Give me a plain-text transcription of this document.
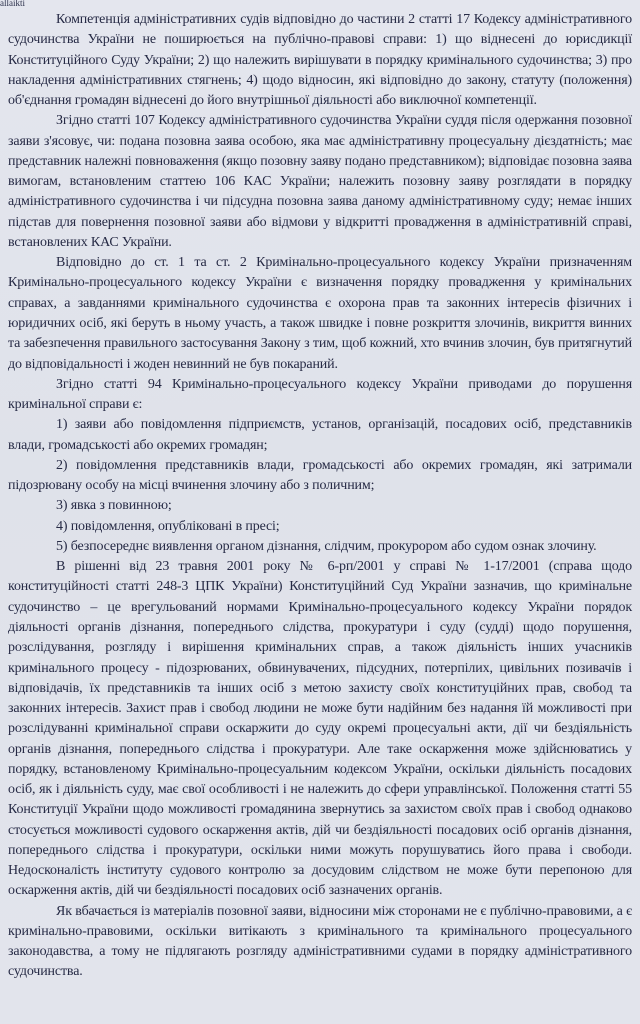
allaikti

Компетенція адміністративних судів відповідно до частини 2 статті 17 Кодексу адміністративного судочинства України не поширюється на публічно-правові справи: 1) що віднесені до юрисдикції Конституційного Суду України; 2) що належить вирішувати в порядку кримінального судочинства; 3) про накладення адміністративних стягнень; 4) щодо відносин, які відповідно до закону, статуту (положення) об'єднання громадян віднесені до його внутрішньої діяльності або виключної компетенції.

Згідно статті 107 Кодексу адміністративного судочинства України суддя після одержання позовної заяви з'ясовує, чи: подана позовна заява особою, яка має адміністративну процесуальну дієздатність; має представник належні повноваження (якщо позовну заяву подано представником); відповідає позовна заява вимогам, встановленим статтею 106 КАС України; належить позовну заяву розглядати в порядку адміністративного судочинства і чи підсудна позовна заява даному адміністративному суду; немає інших підстав для повернення позовної заяви або відмови у відкритті провадження в адміністративній справі, встановлених КАС України.

Відповідно до ст. 1 та ст. 2 Кримінально-процесуального кодексу України призначенням Кримінально-процесуального кодексу України є визначення порядку провадження у кримінальних справах, а завданнями кримінального судочинства є охорона прав та законних інтересів фізичних і юридичних осіб, які беруть в ньому участь, а також швидке і повне розкриття злочинів, викриття винних та забезпечення правильного застосування Закону з тим, щоб кожний, хто вчинив злочин, був притягнутий до відповідальності і жоден невинний не був покараний.

Згідно статті 94 Кримінально-процесуального кодексу України приводами до порушення кримінальної справи є:

1) заяви або повідомлення підприємств, установ, організацій, посадових осіб, представників влади, громадськості або окремих громадян;

2) повідомлення представників влади, громадськості або окремих громадян, які затримали підозрювану особу на місці вчинення злочину або з поличним;

3) явка з повинною;

4) повідомлення, опубліковані в пресі;

5) безпосереднє виявлення органом дізнання, слідчим, прокурором або судом ознак злочину.

В рішенні від 23 травня 2001 року № 6-рп/2001 у справі № 1-17/2001 (справа щодо конституційності статті 248-3 ЦПК України) Конституційний Суд України зазначив, що кримінальне судочинство – це врегульований нормами Кримінально-процесуального кодексу України порядок діяльності органів дізнання, попереднього слідства, прокуратури і суду (судді) щодо порушення, розслідування, розгляду і вирішення кримінальних справ, а також діяльність інших учасників кримінального процесу - підозрюваних, обвинувачених, підсудних, потерпілих, цивільних позивачів і відповідачів, їх представників та інших осіб з метою захисту своїх конституційних прав, свобод та законних інтересів. Захист прав і свобод людини не може бути надійним без надання їй можливості при розслідуванні кримінальної справи оскаржити до суду окремі процесуальні акти, дії чи бездіяльність органів дізнання, попереднього слідства і прокуратури. Але таке оскарження може здійснюватись у порядку, встановленому Кримінально-процесуальним кодексом України, оскільки діяльність посадових осіб, як і діяльність суду, має свої особливості і не належить до сфери управлінської. Положення статті 55 Конституції України щодо можливості громадянина звернутись за захистом своїх прав і свобод однаково стосується можливості судового оскарження актів, дій чи бездіяльності посадових осіб органів дізнання, попереднього слідства і прокуратури, оскільки ними можуть порушуватись його права і свободи. Недосконалість інституту судового контролю за досудовим слідством не може бути перепоною для оскарження актів, дій чи бездіяльності посадових осіб зазначених органів.

Як вбачається із матеріалів позовної заяви, відносини між сторонами не є публічно-правовими, а є кримінально-правовими, оскільки витікають з кримінального та кримінального процесуального законодавства, а тому не підлягають розгляду адміністративними судами в порядку адміністративного судочинства.
